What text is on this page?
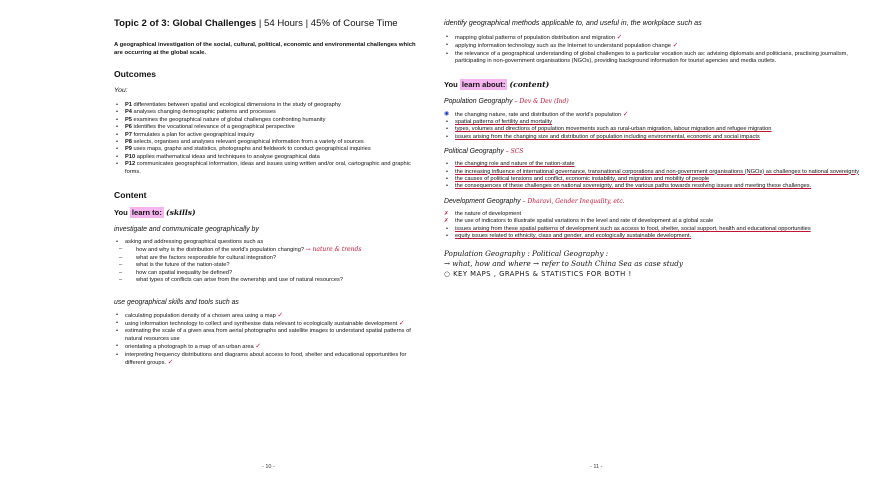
Topic 2 of 3: Global Challenges | 54 Hours | 45% of Course Time
A geographical investigation of the social, cultural, political, economic and environmental challenges which are occurring at the global scale.
Outcomes
You:
• P1 differentiates between spatial and ecological dimensions in the study of geography
• P4 analyses changing demographic patterns and processes
• P5 examines the geographical nature of global challenges confronting humanity
• P6 identifies the vocational relevance of a geographical perspective
• P7 formulates a plan for active geographical inquiry
• P8 selects, organises and analyses relevant geographical information from a variety of sources
• P9 uses maps, graphs and statistics, photographs and fieldwork to conduct geographical inquiries
• P10 applies mathematical ideas and techniques to analyse geographical data
• P12 communicates geographical information, ideas and issues using written and/or oral, cartographic and graphic forms.
Content
You learn to: (skills)
investigate and communicate geographically by
• asking and addressing geographical questions such as
– how and why is the distribution of the world's population changing? → nature & trends
– what are the factors responsible for cultural integration?
– what is the future of the nation-state?
– how can spatial inequality be defined?
– what types of conflicts can arise from the ownership and use of natural resources?
use geographical skills and tools such as
• calculating population density of a chosen area using a map ✓
• using information technology to collect and synthesise data relevant to ecologically sustainable development ✓
• estimating the scale of a given area from aerial photographs and satellite images to understand spatial patterns of natural resources use
• orientating a photograph to a map of an urban area ✓
• interpreting frequency distributions and diagrams about access to food, shelter and educational opportunities for different groups. ✓
- 10 -
identify geographical methods applicable to, and useful in, the workplace such as
• mapping global patterns of population distribution and migration ✓
• applying information technology such as the Internet to understand population change ✓
• the relevance of a geographical understanding of global challenges to a particular vocation such as: advising diplomats and politicians, practising journalism, participating in non-government organisations (NGOs), providing background information for tourist agencies and media outlets.
You learn about: (content)
Population Geography – Dev & Dev (Ind)
◉ the changing nature, rate and distribution of the world's population ✓
• spatial patterns of fertility and mortality
• types, volumes and directions of population movements such as rural-urban migration, labour migration and refugee migration
• issues arising from the changing size and distribution of population including environmental, economic and social impacts
Political Geography – SCS
• the changing role and nature of the nation-state
• the increasing influence of international governance, transnational corporations and non-government organisations (NGOs) as challenges to national sovereignty
• the causes of political tensions and conflict, economic instability, and migration and mobility of people
• the consequences of these challenges on national sovereignty, and the various paths towards resolving issues and meeting these challenges.
Development Geography – Dharavi, Gender Inequality, etc.
✗ the nature of development
✗ the use of indicators to illustrate spatial variations in the level and rate of development at a global scale
• issues arising from these spatial patterns of development such as access to food, shelter, social support, health and educational opportunities
• equity issues related to ethnicity, class and gender, and ecologically sustainable development.
Population Geography : Political Geography :
→ what, how and where → refer to South China Sea as case study
○ KEY MAPS , GRAPHS & STATISTICS FOR BOTH !
- 11 -
